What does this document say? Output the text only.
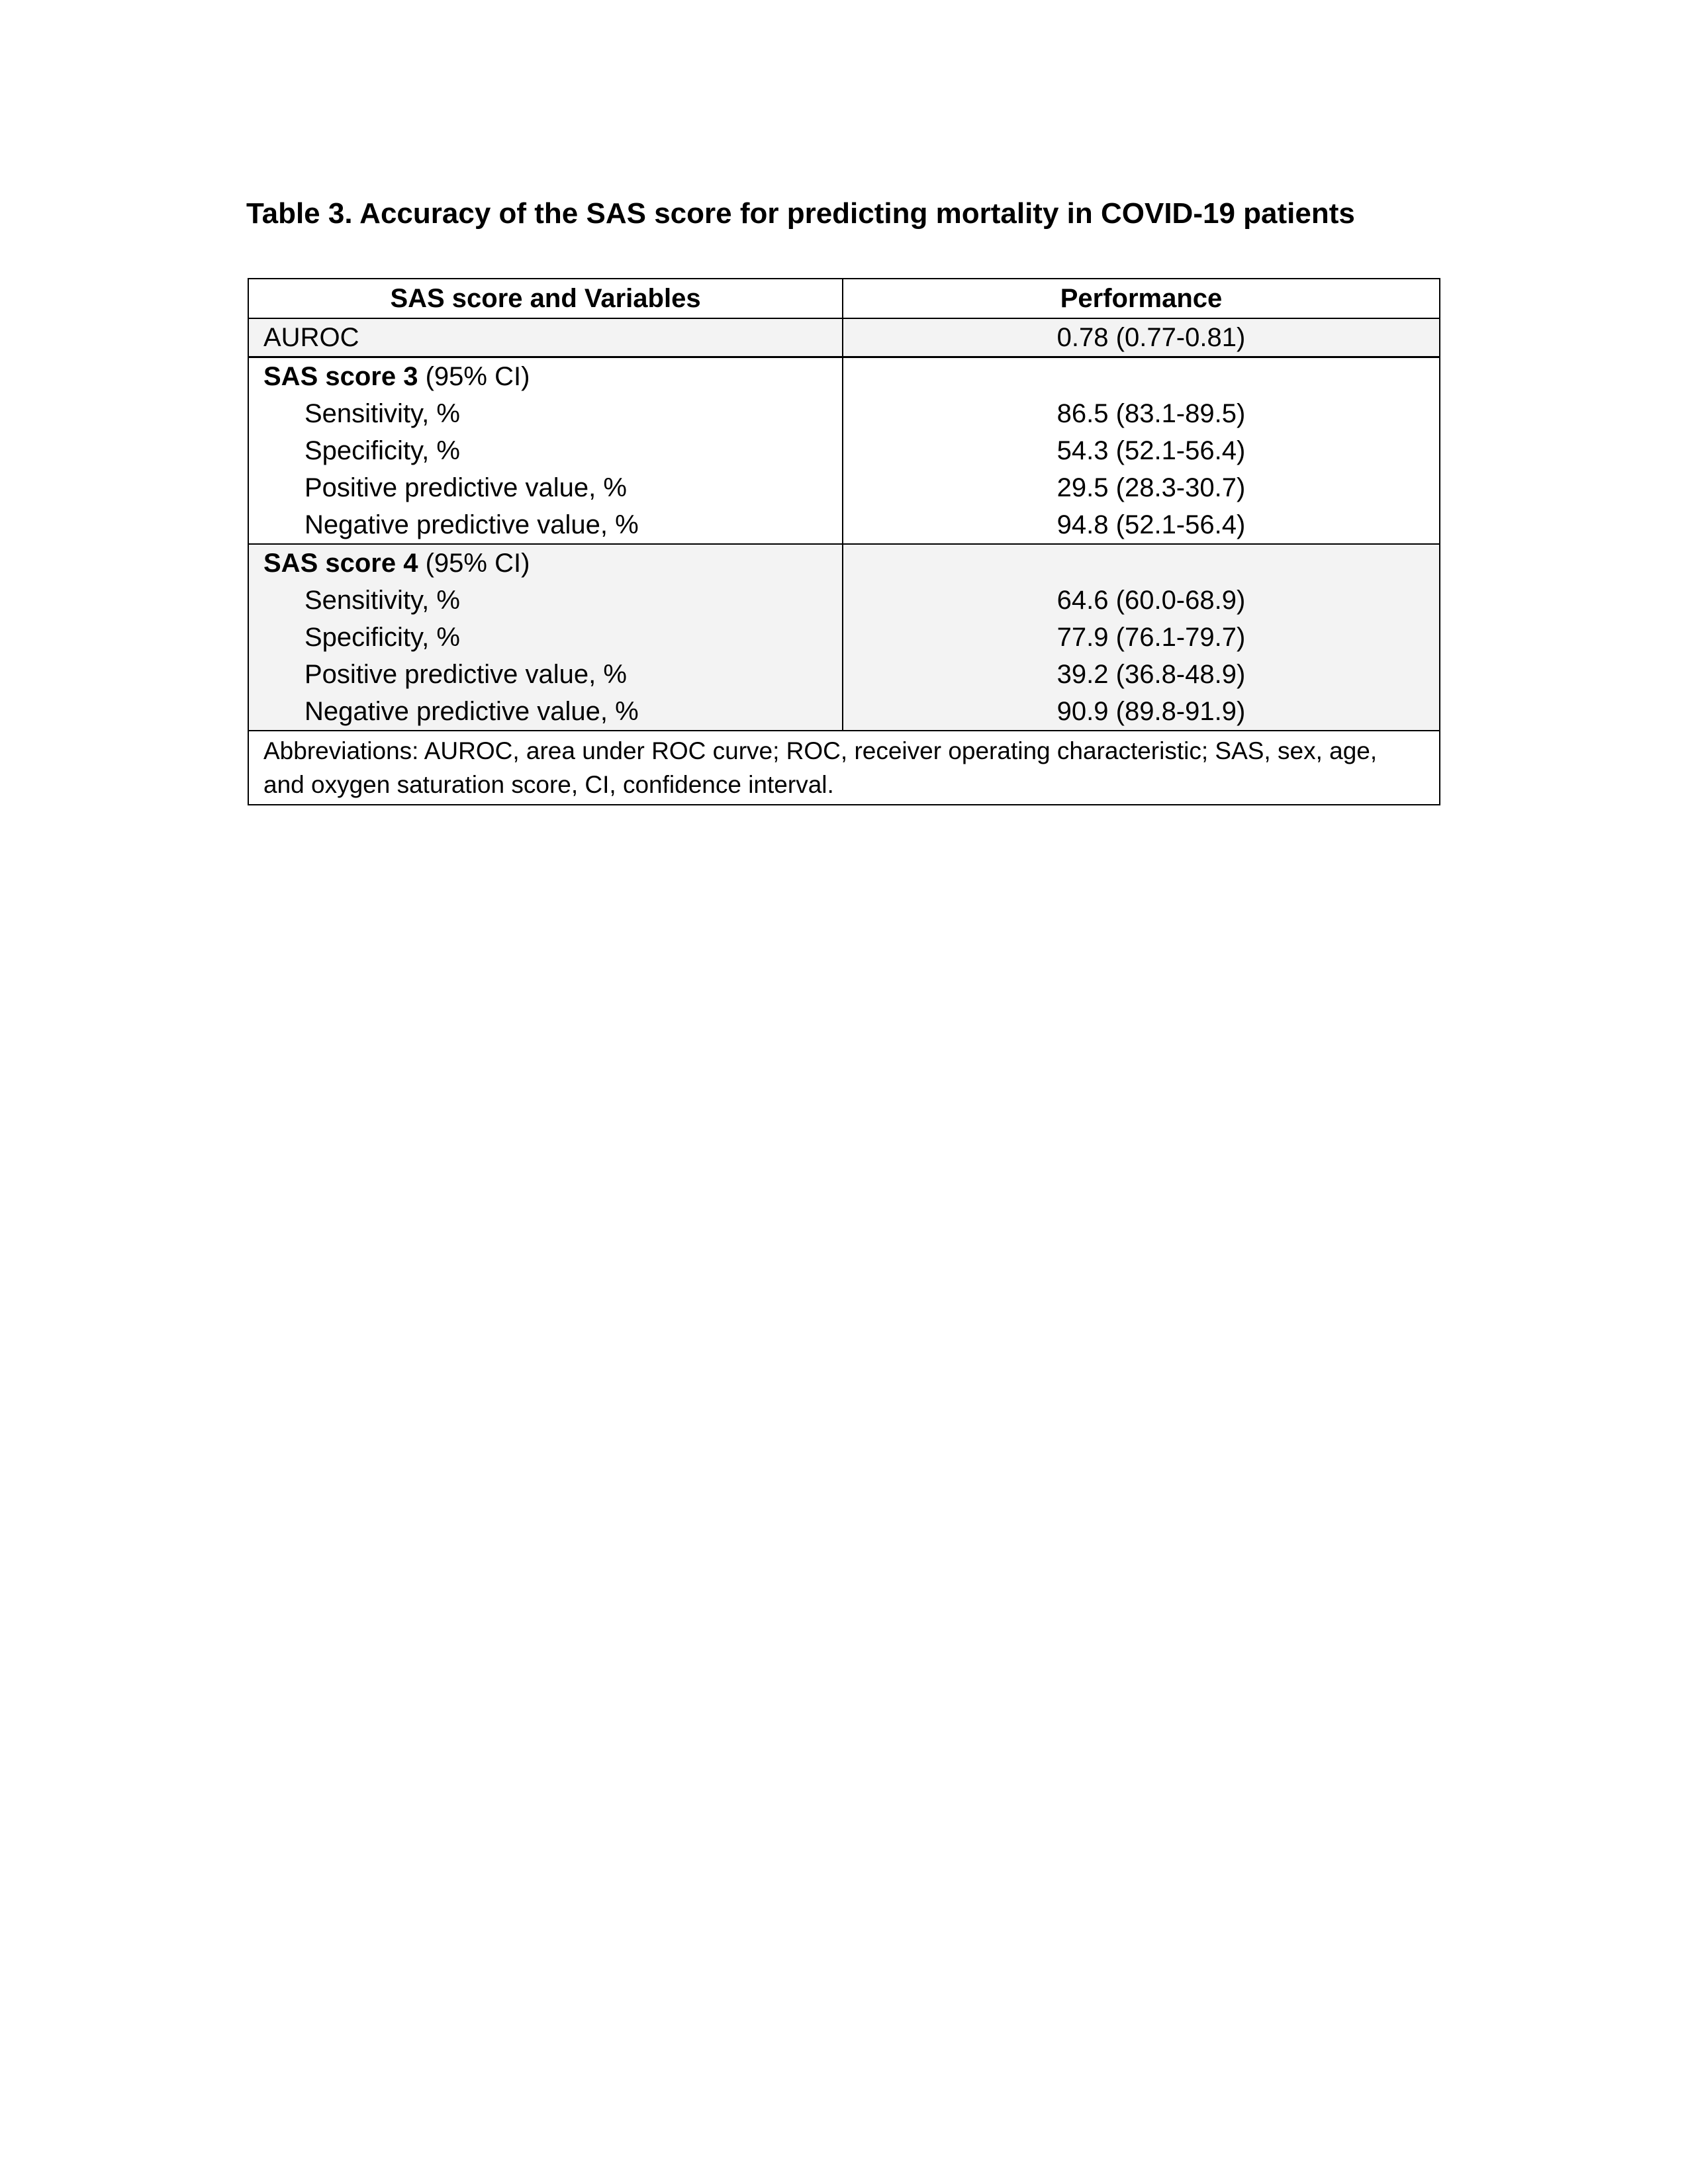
Table 3. Accuracy of the SAS score for predicting mortality in COVID-19 patients
SAS score and Variables	Performance
AUROC	0.78 (0.77-0.81)
SAS score 3 (95% CI)	
Sensitivity, %	86.5 (83.1-89.5)
Specificity, %	54.3 (52.1-56.4)
Positive predictive value, %	29.5 (28.3-30.7)
Negative predictive value, %	94.8 (52.1-56.4)
SAS score 4 (95% CI)	
Sensitivity, %	64.6 (60.0-68.9)
Specificity, %	77.9 (76.1-79.7)
Positive predictive value, %	39.2 (36.8-48.9)
Negative predictive value, %	90.9 (89.8-91.9)
Abbreviations: AUROC, area under ROC curve; ROC, receiver operating characteristic; SAS, sex, age, and oxygen saturation score, CI, confidence interval.	
